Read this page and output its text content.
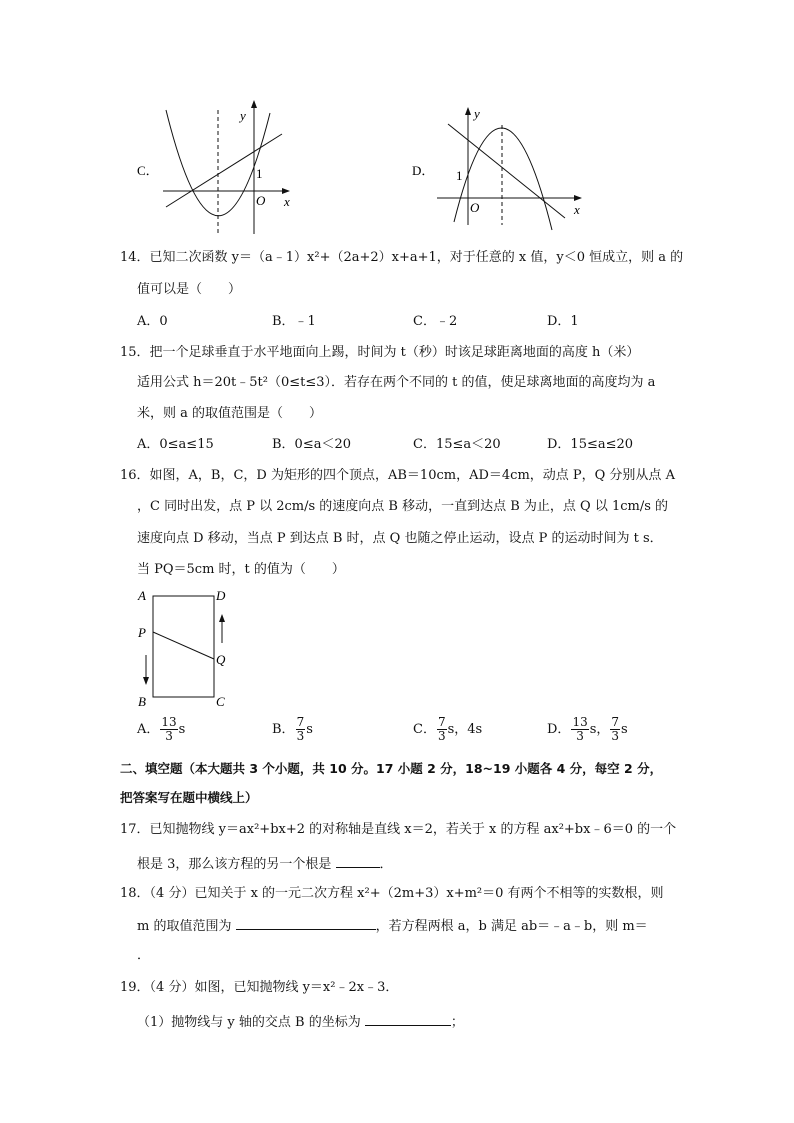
C．
y
x
O
1	D．
y
x
O
1
A	D
B	C
P
Q
14．已知二次函数 y＝（a﹣1）x²+（2a+2）x+a+1，对于任意的 x 值，y＜0 恒成立，则 a 的
值可以是（　　）
A．0	B．﹣1	C．﹣2	D．1
15．把一个足球垂直于水平地面向上踢，时间为 t（秒）时该足球距离地面的高度 h（米）
适用公式 h＝20t﹣5t²（0≤t≤3）．若存在两个不同的 t 的值，使足球离地面的高度均为 a
米，则 a 的取值范围是（　　）
A．0≤a≤15	B．0≤a＜20	C．15≤a＜20	D．15≤a≤20
16．如图，A，B，C，D 为矩形的四个顶点，AB＝10cm，AD＝4cm，动点 P，Q 分别从点 A
，C 同时出发，点 P 以 2cm/s 的速度向点 B 移动，一直到达点 B 为止，点 Q 以 1cm/s 的
速度向点 D 移动，当点 P 到达点 B 时，点 Q 也随之停止运动，设点 P 的运动时间为 t s．
当 PQ＝5cm 时，t 的值为（　　）
A． $\frac{13}{3}$ s	B． $\frac{7}{3}$ s	C． $\frac{7}{3}$ s，4s	D． $\frac{13}{3}$ s， $\frac{7}{3}$ s
二、填空题（本大题共 3 个小题，共 10 分。17 小题 2 分，18~19 小题各 4 分，每空 2 分，
把答案写在题中横线上）
17．已知抛物线 y＝ax²+bx+2 的对称轴是直线 x＝2，若关于 x 的方程 ax²+bx﹣6＝0 的一个
根是 3，那么该方程的另一个根是	．
18．（4 分）已知关于 x 的一元二次方程 x²+（2m+3）x+m²＝0 有两个不相等的实数根，则
m 的取值范围为	，若方程两根 a，b 满足 ab＝﹣a﹣b，则 m＝
．
19．（4 分）如图，已知抛物线 y＝x²﹣2x﹣3．
（1）抛物线与 y 轴的交点 B 的坐标为	；
